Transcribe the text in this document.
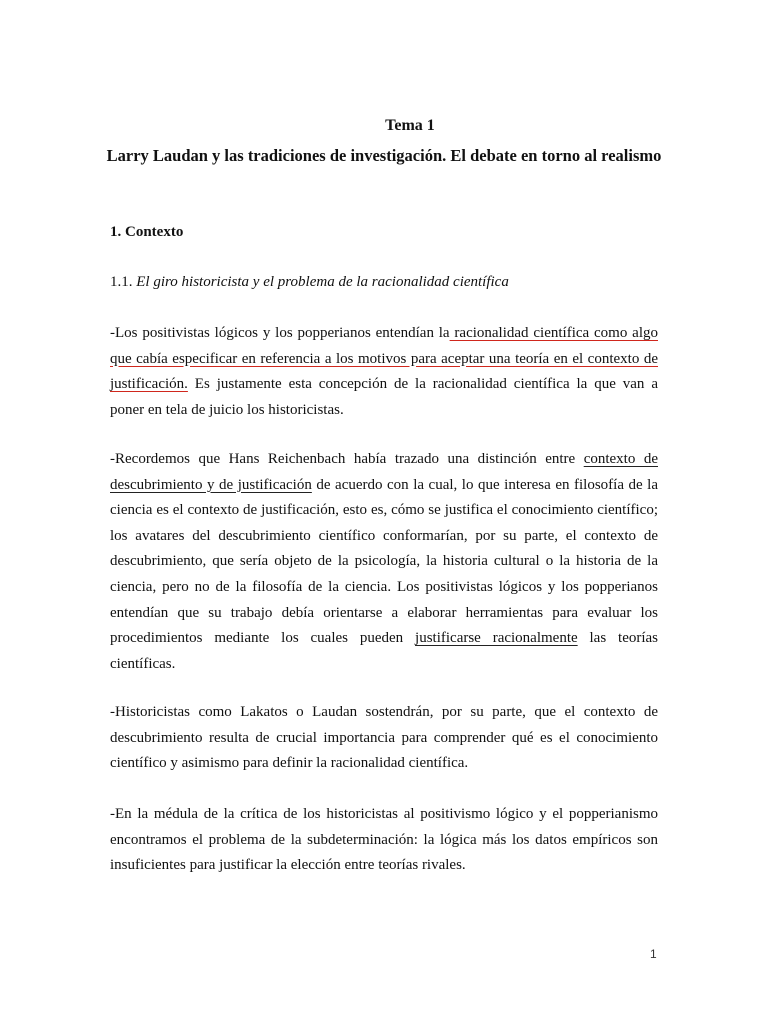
Tema 1
Larry Laudan y las tradiciones de investigación. El debate en torno al realismo
1. Contexto
1.1. El giro historicista y el problema de la racionalidad científica

-Los positivistas lógicos y los popperianos entendían la racionalidad científica como algo que cabía especificar en referencia a los motivos para aceptar una teoría en el contexto de justificación. Es justamente esta concepción de la racionalidad científica la que van a poner en tela de juicio los historicistas.

-Recordemos que Hans Reichenbach había trazado una distinción entre contexto de descubrimiento y de justificación de acuerdo con la cual, lo que interesa en filosofía de la ciencia es el contexto de justificación, esto es, cómo se justifica el conocimiento científico; los avatares del descubrimiento científico conformarían, por su parte, el contexto de descubrimiento, que sería objeto de la psicología, la historia cultural o la historia de la ciencia, pero no de la filosofía de la ciencia. Los positivistas lógicos y los popperianos entendían que su trabajo debía orientarse a elaborar herramientas para evaluar los procedimientos mediante los cuales pueden justificarse racionalmente las teorías científicas.

-Historicistas como Lakatos o Laudan sostendrán, por su parte, que el contexto de descubrimiento resulta de crucial importancia para comprender qué es el conocimiento científico y asimismo para definir la racionalidad científica.

-En la médula de la crítica de los historicistas al positivismo lógico y el popperianismo encontramos el problema de la subdeterminación: la lógica más los datos empíricos son insuficientes para justificar la elección entre teorías rivales.

1
